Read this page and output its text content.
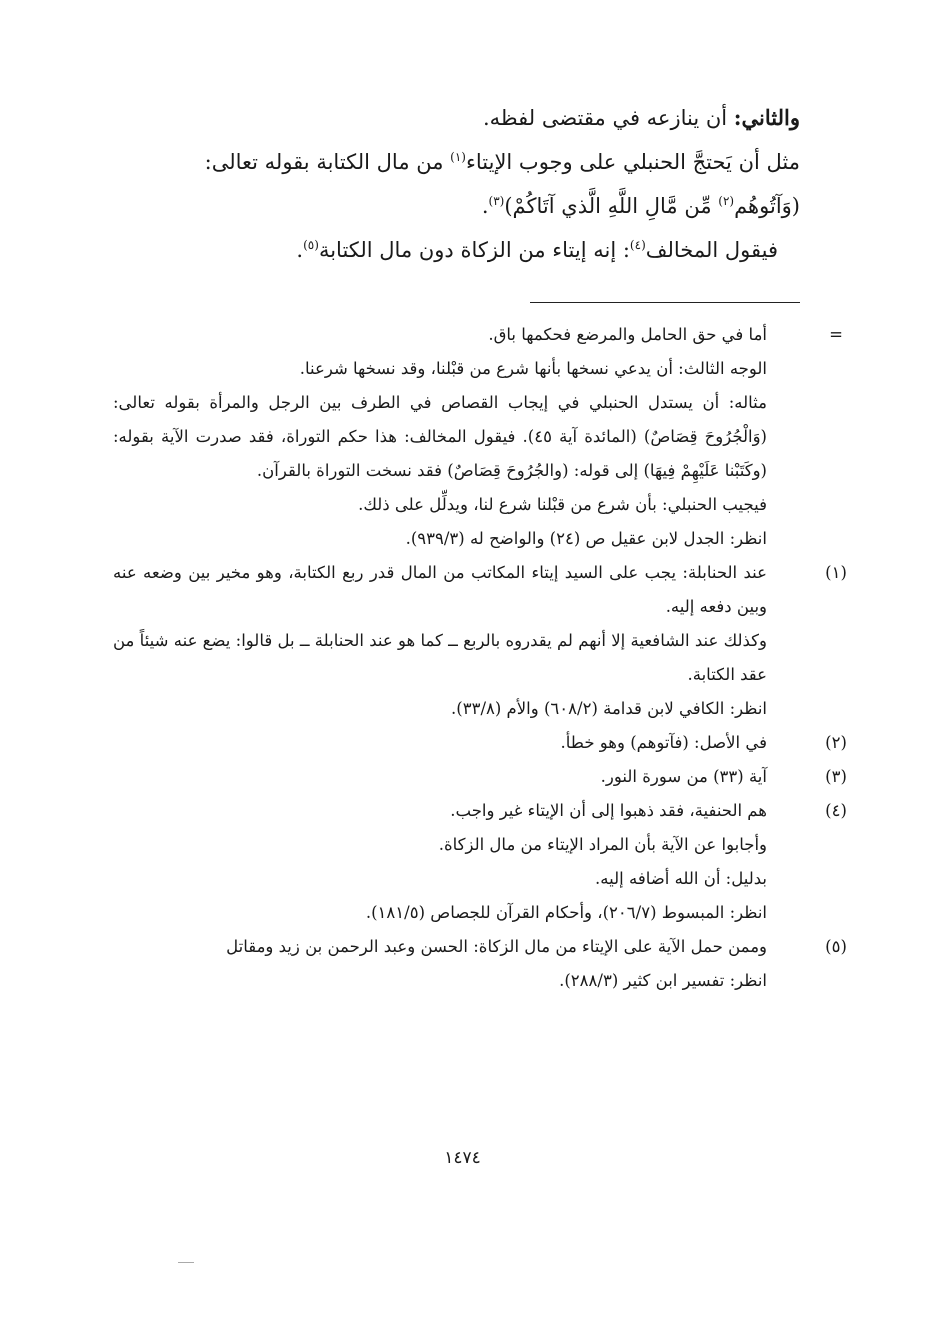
والثاني: أن ينازعه في مقتضى لفظه.

مثل أن يَحتجَّ الحنبلي على وجوب الإيتاء$^{(١)}$ من مال الكتابة بقوله تعالى:

(وَآتُوهُم$^{(٢)}$ مِّن مَّالِ اللَّهِ الَّذي آتَاكُمْ)$^{(٣)}$.

فيقول المخالف$^{(٤)}$: إنه إيتاء من الزكاة دون مال الكتابة$^{(٥)}$.

=

أما في حق الحامل والمرضع فحكمها باق.

الوجه الثالث: أن يدعي نسخها بأنها شرع من قبْلنا، وقد نسخها شرعنا.

مثاله: أن يستدل الحنبلي في إيجاب القصاص في الطرف بين الرجل والمرأة بقوله تعالى: (وَالْجُرُوحَ قِصَاصٌ) (المائدة آية ٤٥). فيقول المخالف: هذا حكم التوراة، فقد صدرت الآية بقوله: (وكَتَبْنا عَلَيْهِمْ فِيهَا) إلى قوله: (والجُرُوحَ قِصَاصٌ) فقد نسخت التوراة بالقرآن.

فيجيب الحنبلي: بأن شرع من قبْلنا شرع لنا، ويدلِّل على ذلك.

انظر: الجدل لابن عقيل ص (٢٤) والواضح له (٩٣٩/٣).

(١)

عند الحنابلة: يجب على السيد إيتاء المكاتب من المال قدر ربع الكتابة، وهو مخير بين وضعه عنه وبين دفعه إليه.

وكذلك عند الشافعية إلا أنهم لم يقدروه بالربع ــ كما هو عند الحنابلة ــ بل قالوا: يضع عنه شيئاً من عقد الكتابة.

انظر: الكافي لابن قدامة (٦٠٨/٢) والأم (٣٣/٨).

(٢)

في الأصل: (فآتوهم) وهو خطأ.

(٣)

آية (٣٣) من سورة النور.

(٤)

هم الحنفية، فقد ذهبوا إلى أن الإيتاء غير واجب.

وأجابوا عن الآية بأن المراد الإيتاء من مال الزكاة.

بدليل: أن الله أضافه إليه.

انظر: المبسوط (٢٠٦/٧)، وأحكام القرآن للجصاص (١٨١/٥).

(٥)

وممن حمل الآية على الإيتاء من مال الزكاة: الحسن وعبد الرحمن بن زيد ومقاتل

انظر: تفسير ابن كثير (٢٨٨/٣).

١٤٧٤
